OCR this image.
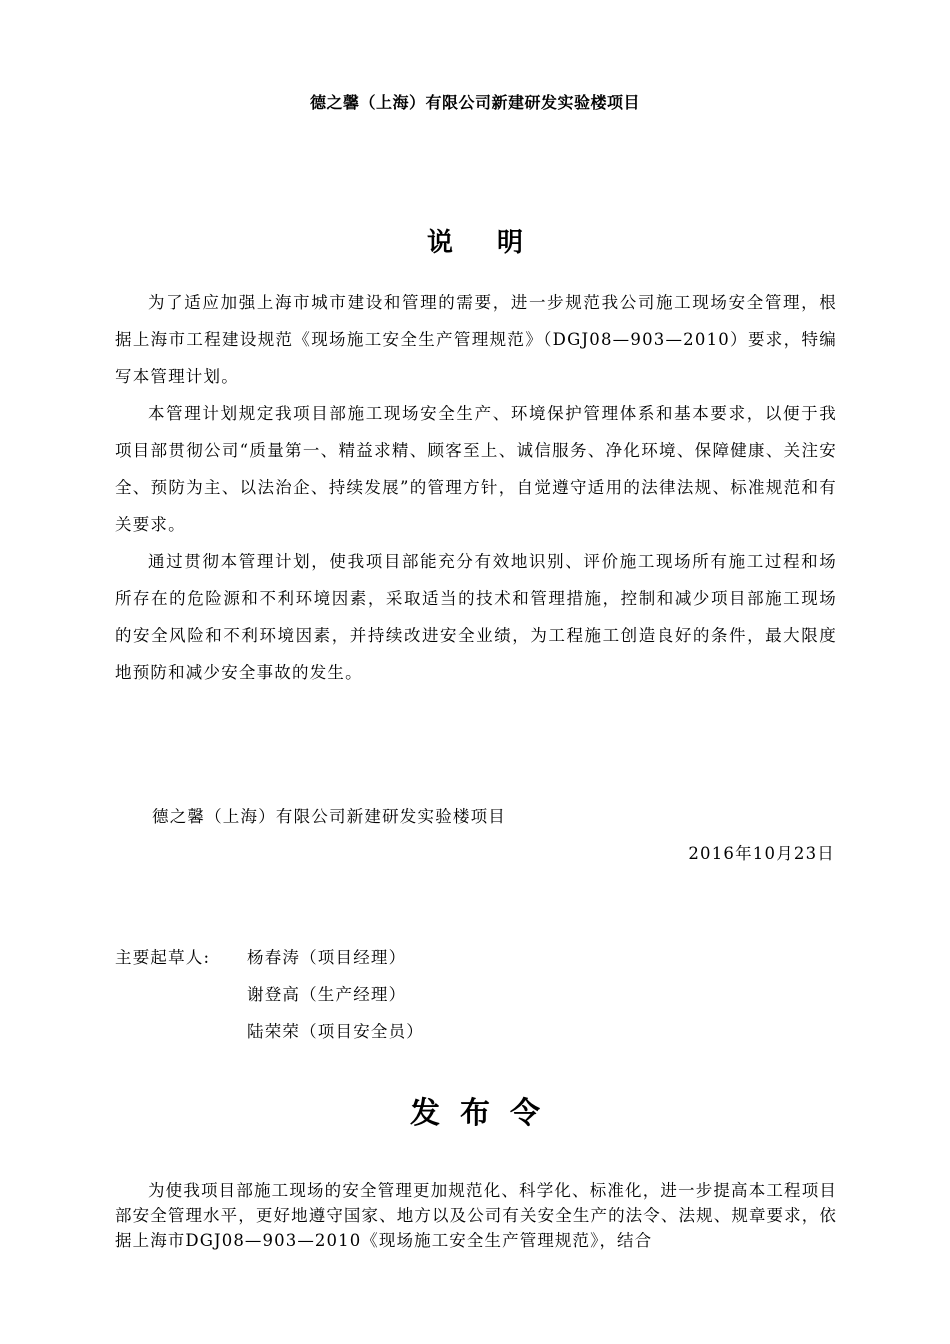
德之馨（上海）有限公司新建研发实验楼项目
说明

为了适应加强上海市城市建设和管理的需要，进一步规范我公司施工现场安全管理，根据上海市工程建设规范《现场施工安全生产管理规范》（DGJ08—903—2010）要求，特编写本管理计划。

本管理计划规定我项目部施工现场安全生产、环境保护管理体系和基本要求，以便于我项目部贯彻公司“质量第一、精益求精、顾客至上、诚信服务、净化环境、保障健康、关注安全、预防为主、以法治企、持续发展”的管理方针，自觉遵守适用的法律法规、标准规范和有关要求。

通过贯彻本管理计划，使我项目部能充分有效地识别、评价施工现场所有施工过程和场所存在的危险源和不利环境因素，采取适当的技术和管理措施，控制和减少项目部施工现场的安全风险和不利环境因素，并持续改进安全业绩，为工程施工创造良好的条件，最大限度地预防和减少安全事故的发生。

德之馨（上海）有限公司新建研发实验楼项目
2016年10月23日
主要起草人: 杨春涛（项目经理）
谢登高（生产经理）
陆荣荣（项目安全员）
发布令

为使我项目部施工现场的安全管理更加规范化、科学化、标准化，进一步提高本工程项目部安全管理水平，更好地遵守国家、地方以及公司有关安全生产的法令、法规、规章要求，依据上海市DGJ08—903—2010《现场施工安全生产管理规范》，结合
